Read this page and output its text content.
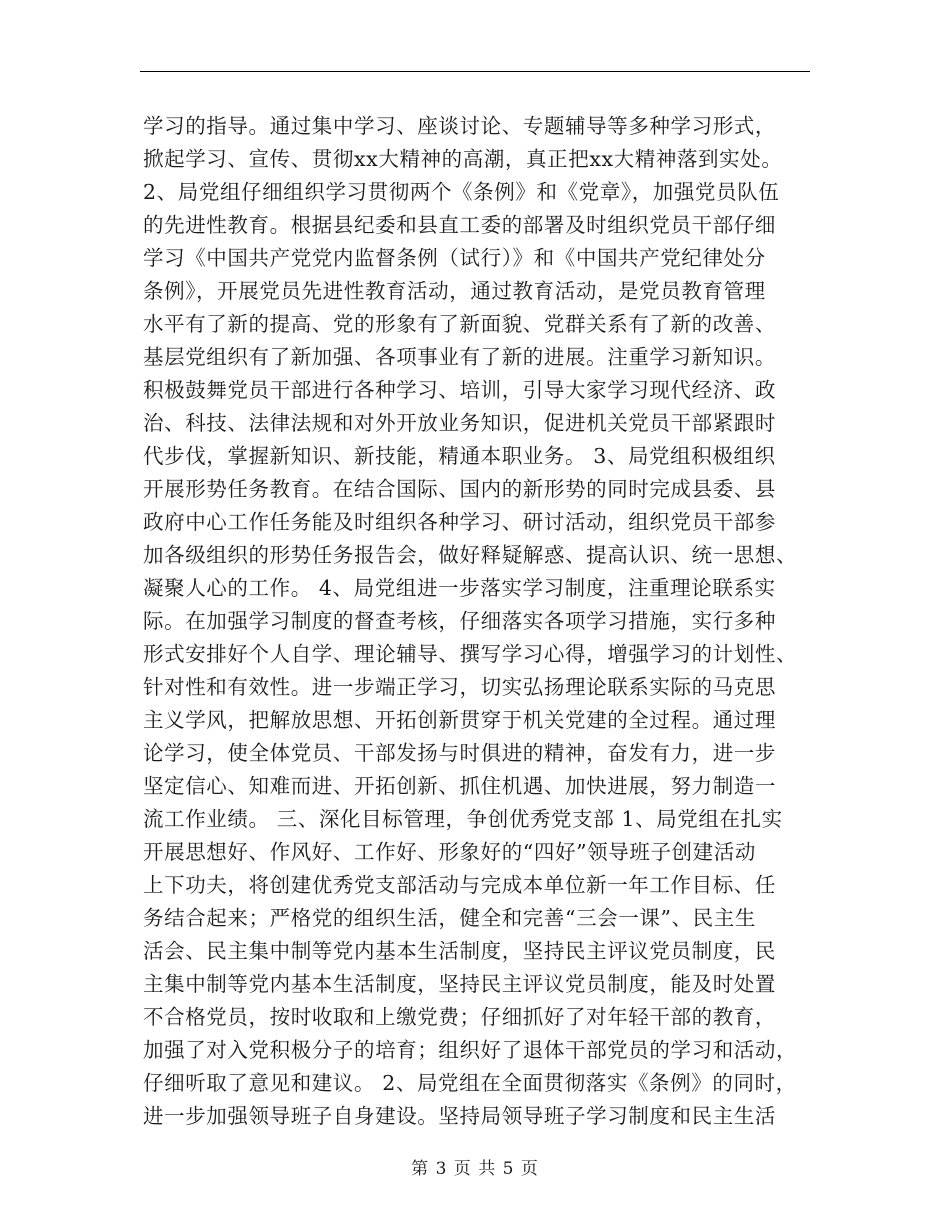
学习的指导。通过集中学习、座谈讨论、专题辅导等多种学习形式，
掀起学习、宣传、贯彻xx大精神的高潮，真正把xx大精神落到实处。
2、局党组仔细组织学习贯彻两个《条例》和《党章》，加强党员队伍
的先进性教育。根据县纪委和县直工委的部署及时组织党员干部仔细
学习《中国共产党党内监督条例（试行）》和《中国共产党纪律处分
条例》，开展党员先进性教育活动，通过教育活动，是党员教育管理
水平有了新的提高、党的形象有了新面貌、党群关系有了新的改善、
基层党组织有了新加强、各项事业有了新的进展。注重学习新知识。
积极鼓舞党员干部进行各种学习、培训，引导大家学习现代经济、政
治、科技、法律法规和对外开放业务知识，促进机关党员干部紧跟时
代步伐，掌握新知识、新技能，精通本职业务。 3、局党组积极组织
开展形势任务教育。在结合国际、国内的新形势的同时完成县委、县
政府中心工作任务能及时组织各种学习、研讨活动，组织党员干部参
加各级组织的形势任务报告会，做好释疑解惑、提高认识、统一思想、
凝聚人心的工作。 4、局党组进一步落实学习制度，注重理论联系实
际。在加强学习制度的督查考核，仔细落实各项学习措施，实行多种
形式安排好个人自学、理论辅导、撰写学习心得，增强学习的计划性、
针对性和有效性。进一步端正学习，切实弘扬理论联系实际的马克思
主义学风，把解放思想、开拓创新贯穿于机关党建的全过程。通过理
论学习，使全体党员、干部发扬与时俱进的精神，奋发有力，进一步
坚定信心、知难而进、开拓创新、抓住机遇、加快进展，努力制造一
流工作业绩。 三、深化目标管理，争创优秀党支部 1、局党组在扎实
开展思想好、作风好、工作好、形象好的“四好”领导班子创建活动
上下功夫，将创建优秀党支部活动与完成本单位新一年工作目标、任
务结合起来；严格党的组织生活，健全和完善“三会一课”、民主生
活会、民主集中制等党内基本生活制度，坚持民主评议党员制度，民
主集中制等党内基本生活制度，坚持民主评议党员制度，能及时处置
不合格党员，按时收取和上缴党费；仔细抓好了对年轻干部的教育，
加强了对入党积极分子的培育；组织好了退体干部党员的学习和活动，
仔细听取了意见和建议。 2、局党组在全面贯彻落实《条例》的同时，
进一步加强领导班子自身建设。坚持局领导班子学习制度和民主生活
第 3 页 共 5 页
